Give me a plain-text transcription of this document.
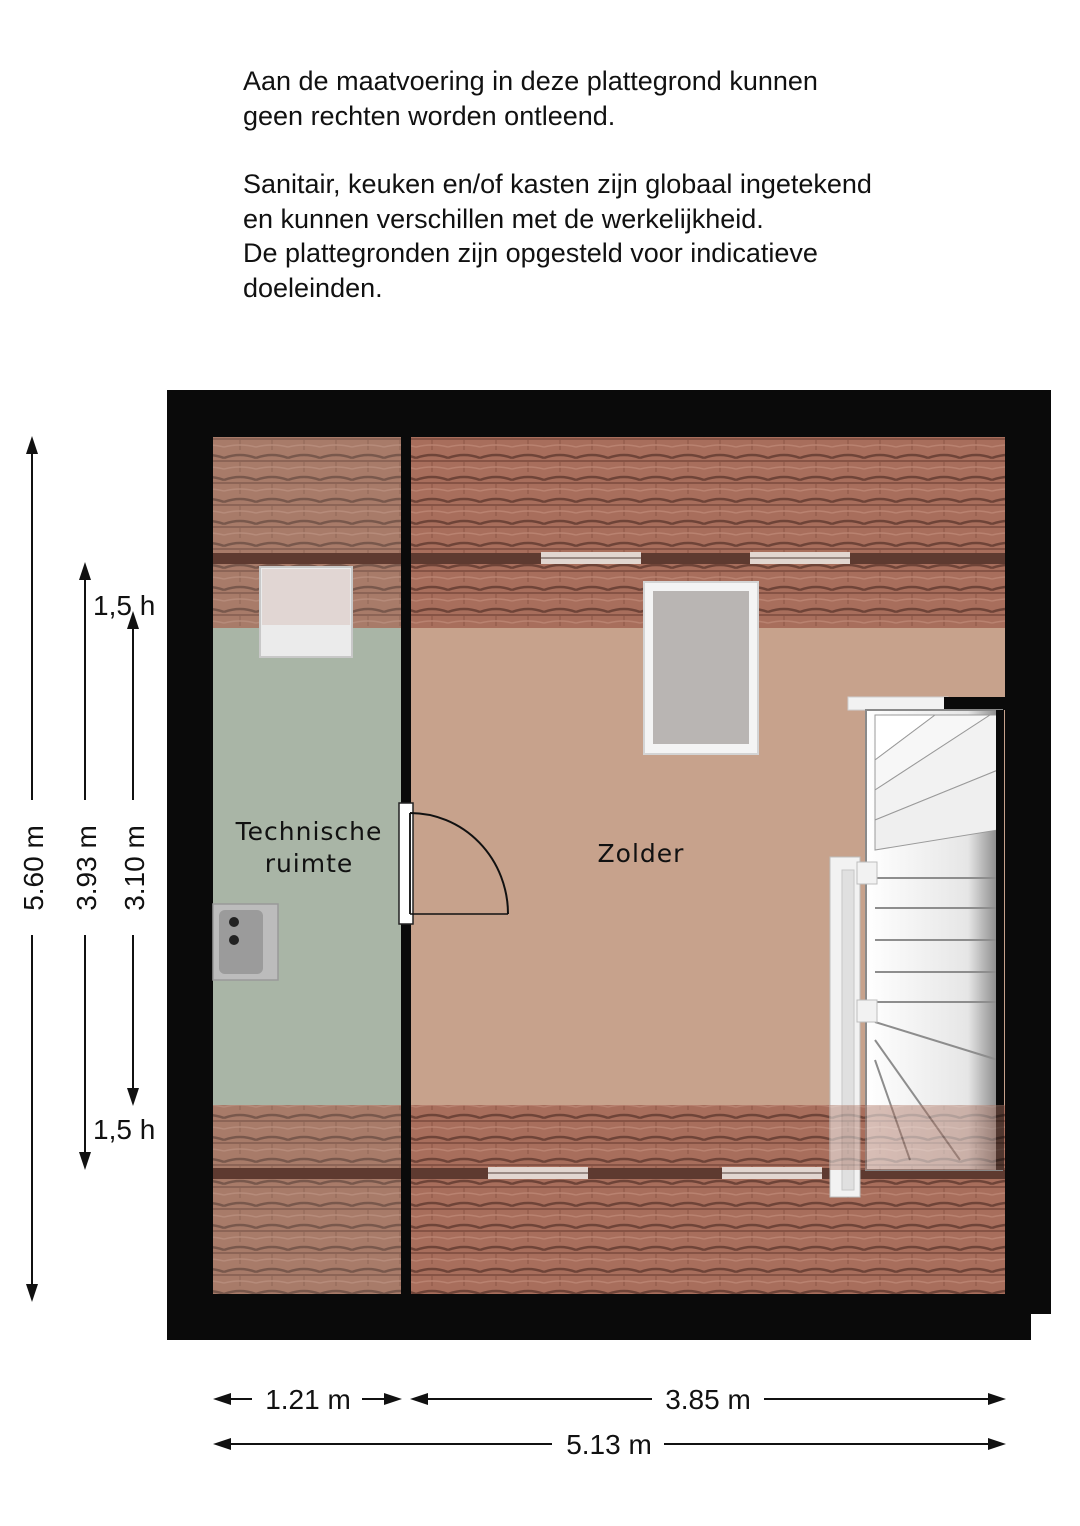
Aan de maatvoering in deze plattegrond kunnen

geen rechten worden ontleend.

Sanitair, keuken en/of kasten zijn globaal ingetekend

en kunnen verschillen met de werkelijkheid.

De plattegronden zijn opgesteld voor indicatieve

doeleinden.

Technische
ruimte	Zolder
5.60 m 3.93 m 3.10 m
1,5 h
1,5 h
1.21 m	3.85 m
5.13 m
